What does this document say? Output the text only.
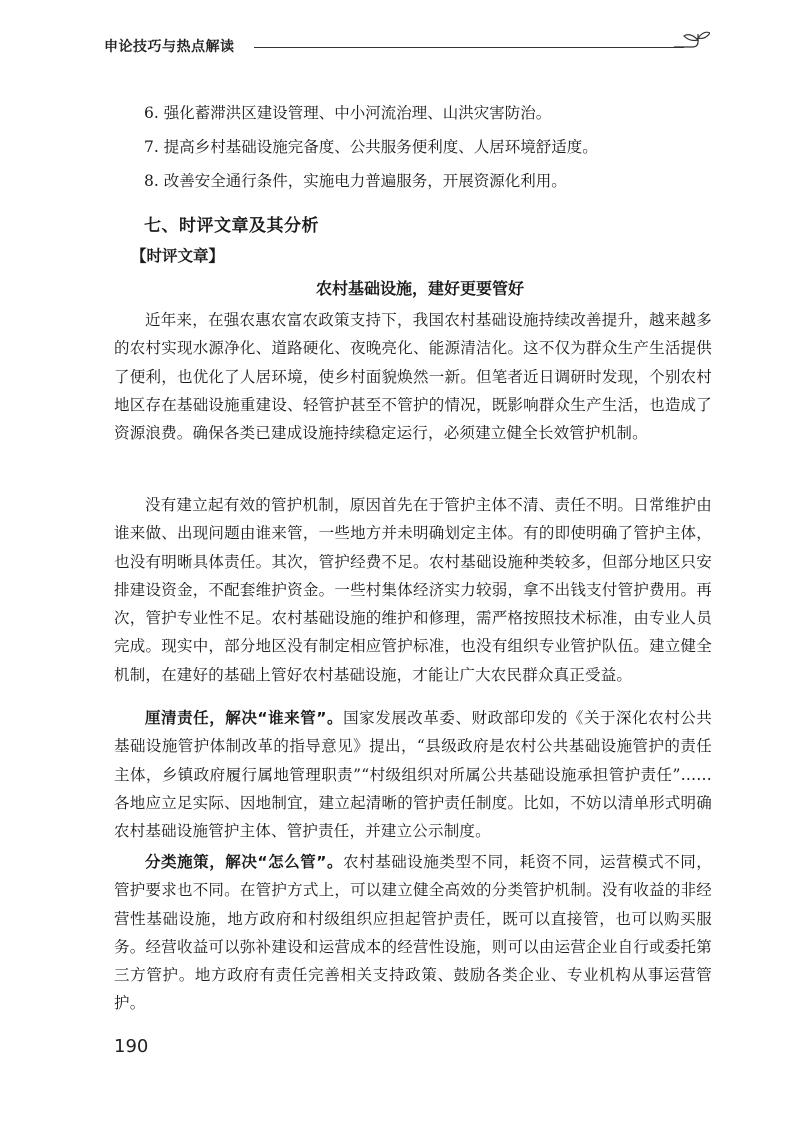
申论技巧与热点解读
6. 强化蓄滞洪区建设管理、中小河流治理、山洪灾害防治。
7. 提高乡村基础设施完备度、公共服务便利度、人居环境舒适度。
8. 改善安全通行条件，实施电力普遍服务，开展资源化利用。
七、时评文章及其分析
【时评文章】
农村基础设施，建好更要管好

近年来，在强农惠农富农政策支持下，我国农村基础设施持续改善提升，越来越多的农村实现水源净化、道路硬化、夜晚亮化、能源清洁化。这不仅为群众生产生活提供了便利，也优化了人居环境，使乡村面貌焕然一新。但笔者近日调研时发现，个别农村地区存在基础设施重建设、轻管护甚至不管护的情况，既影响群众生产生活，也造成了资源浪费。确保各类已建成设施持续稳定运行，必须建立健全长效管护机制。

没有建立起有效的管护机制，原因首先在于管护主体不清、责任不明。日常维护由谁来做、出现问题由谁来管，一些地方并未明确划定主体。有的即使明确了管护主体，也没有明晰具体责任。其次，管护经费不足。农村基础设施种类较多，但部分地区只安排建设资金，不配套维护资金。一些村集体经济实力较弱，拿不出钱支付管护费用。再次，管护专业性不足。农村基础设施的维护和修理，需严格按照技术标准，由专业人员完成。现实中，部分地区没有制定相应管护标准，也没有组织专业管护队伍。建立健全机制，在建好的基础上管好农村基础设施，才能让广大农民群众真正受益。

厘清责任，解决“谁来管”。国家发展改革委、财政部印发的《关于深化农村公共基础设施管护体制改革的指导意见》提出，“县级政府是农村公共基础设施管护的责任主体，乡镇政府履行属地管理职责”“村级组织对所属公共基础设施承担管护责任”……各地应立足实际、因地制宜，建立起清晰的管护责任制度。比如，不妨以清单形式明确农村基础设施管护主体、管护责任，并建立公示制度。

分类施策，解决“怎么管”。农村基础设施类型不同，耗资不同，运营模式不同，管护要求也不同。在管护方式上，可以建立健全高效的分类管护机制。没有收益的非经营性基础设施，地方政府和村级组织应担起管护责任，既可以直接管，也可以购买服务。经营收益可以弥补建设和运营成本的经营性设施，则可以由运营企业自行或委托第三方管护。地方政府有责任完善相关支持政策、鼓励各类企业、专业机构从事运营管护。

190
